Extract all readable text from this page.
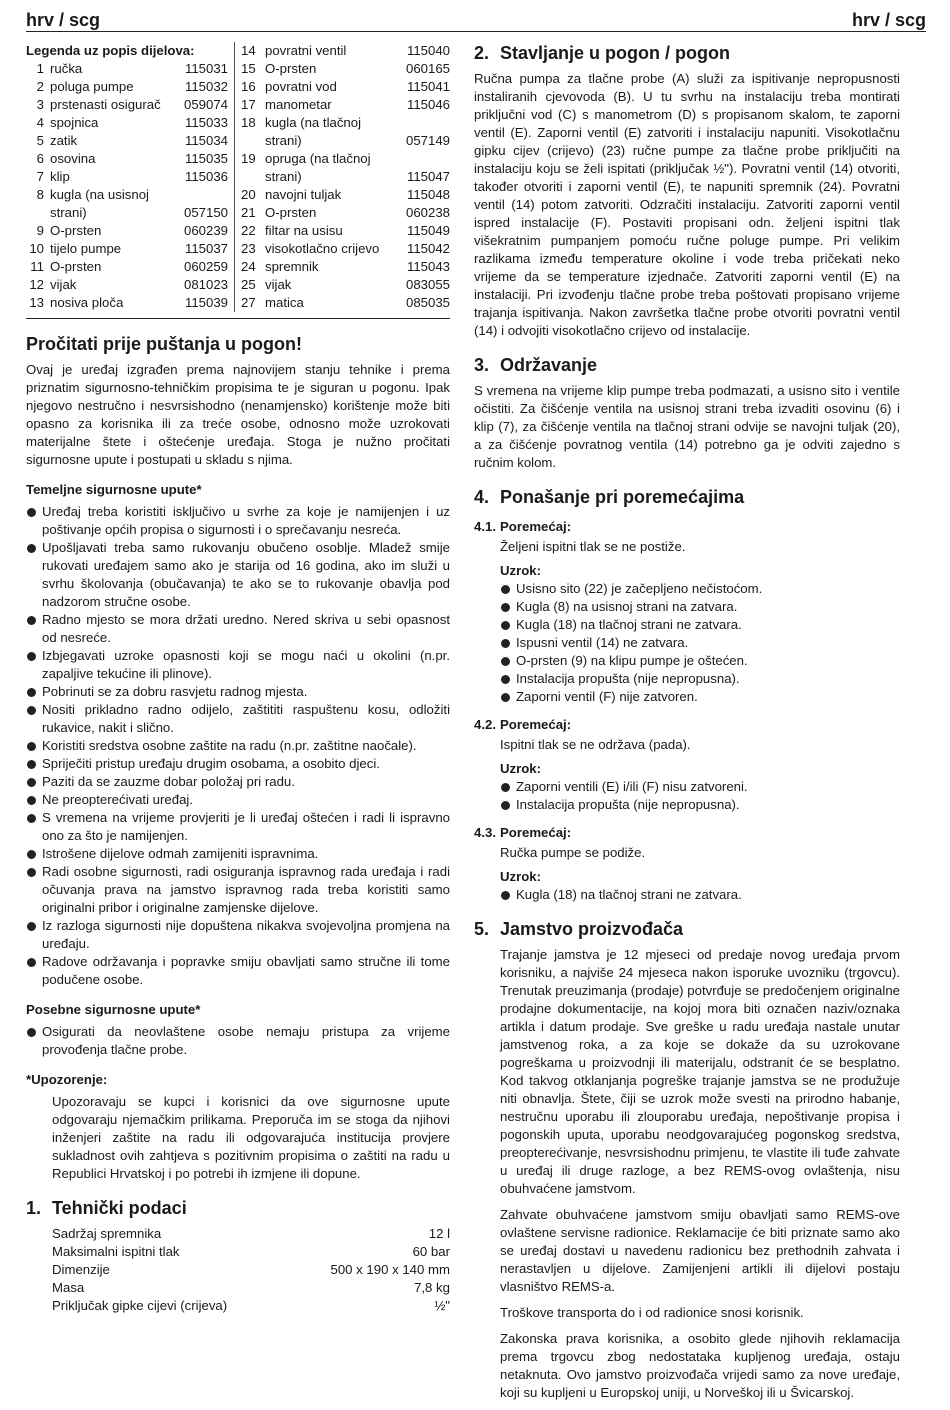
hrv / scg	hrv / scg
Legenda uz popis dijelova:
1 ručka	115031
2 poluga pumpe	115032
3 prstenasti osigurač	059074
4 spojnica	115033
5 zatik	115034
6 osovina	115035
7 klip	115036
8 kugla (na usisnoj
strani)	057150
9 O-prsten	060239
10 tijelo pumpe	115037
11 O-prsten	060259
12 vijak	081023
13 nosiva ploča	115039
14 povratni ventil	115040
15 O-prsten	060165
16 povratni vod	115041
17 manometar	115046
18 kugla (na tlačnoj
strani)	057149
19 opruga (na tlačnoj
strani)	115047
20 navojni tuljak	115048
21 O-prsten	060238
22 filtar na usisu	115049
23 visokotlačno crijevo	115042
24 spremnik	115043
25 vijak	083055
27 matica	085035
Pročitati prije puštanja u pogon!

Ovaj je uređaj izgrađen prema najnovijem stanju tehnike i prema priznatim sigurnosno-tehničkim propisima te je siguran u pogonu. Ipak njegovo nestručno i nesvrsishodno (nenamjensko) korištenje može biti opasno za korisnika ili za treće osobe, odnosno može uzrokovati materijalne štete i oštećenje uređaja. Stoga je nužno pročitati sigurnosne upute i postupati u skladu s njima.

Temeljne sigurnosne upute*
Uređaj treba koristiti isključivo u svrhe za koje je namijenjen i uz poštivanje općih propisa o sigurnosti i o sprečavanju nesreća.
Upošljavati treba samo rukovanju obučeno osoblje. Mladež smije rukovati uređajem samo ako je starija od 16 godina, ako im služi u svrhu školovanja (obučavanja) te ako se to rukovanje obavlja pod nadzorom stručne osobe.
Radno mjesto se mora držati uredno. Nered skriva u sebi opasnost od nesreće.
Izbjegavati uzroke opasnosti koji se mogu naći u okolini (n.pr. zapaljive tekućine ili plinove).
Pobrinuti se za dobru rasvjetu radnog mjesta.
Nositi prikladno radno odijelo, zaštititi raspuštenu kosu, odložiti rukavice, nakit i slično.
Koristiti sredstva osobne zaštite na radu (n.pr. zaštitne naočale).
Spriječiti pristup uređaju drugim osobama, a osobito djeci.
Paziti da se zauzme dobar položaj pri radu.
Ne preopterećivati uređaj.
S vremena na vrijeme provjeriti je li uređaj oštećen i radi li ispravno ono za što je namijenjen.
Istrošene dijelove odmah zamijeniti ispravnima.
Radi osobne sigurnosti, radi osiguranja ispravnog rada uređaja i radi očuvanja prava na jamstvo ispravnog rada treba koristiti samo originalni pribor i originalne zamjenske dijelove.
Iz razloga sigurnosti nije dopuštena nikakva svojevoljna promjena na uređaju.
Radove održavanja i popravke smiju obavljati samo stručne ili tome podučene osobe.
Posebne sigurnosne upute*
Osigurati da neovlaštene osobe nemaju pristupa za vrijeme provođenja tlačne probe.
*Upozorenje:

Upozoravaju se kupci i korisnici da ove sigurnosne upute odgovaraju njemačkim prilikama. Preporuča im se stoga da njihovi inženjeri zaštite na radu ili odgovarajuća institucija provjere sukladnost ovih zahtjeva s pozitivnim propisima o zaštiti na radu u Republici Hrvatskoj i po potrebi ih izmjene ili dopune.

1. Tehnički podaci
Sadržaj spremnika	12 l
Maksimalni ispitni tlak	60 bar
Dimenzije	500 x 190 x 140 mm
Masa	7,8 kg
Priključak gipke cijevi (crijeva)	½"
2. Stavljanje u pogon / pogon

Ručna pumpa za tlačne probe (A) služi za ispitivanje nepropusnosti instaliranih cjevovoda (B). U tu svrhu na instalaciju treba montirati priključni vod (C) s manometrom (D) s propisanom skalom, te zaporni ventil (E). Zaporni ventil (E) zatvoriti i instalaciju napuniti. Visokotlačnu gipku cijev (crijevo) (23) ručne pumpe za tlačne probe priključiti na instalaciju koju se želi ispitati (priključak ½"). Povratni ventil (14) otvoriti, također otvoriti i zaporni ventil (E), te napuniti spremnik (24). Povratni ventil (14) potom zatvoriti. Odzračiti instalaciju. Zatvoriti zaporni ventil ispred instalacije (F). Postaviti propisani odn. željeni ispitni tlak višekratnim pumpanjem pomoću ručne poluge pumpe. Pri velikim razlikama između temperature okoline i vode treba pričekati neko vrijeme da se temperature izjednače. Zatvoriti zaporni ventil (E) na instalaciji. Pri izvođenju tlačne probe treba poštovati propisano vrijeme trajanja ispitivanja. Nakon završetka tlačne probe otvoriti povratni ventil (14) i odvojiti visokotlačno crijevo od instalacije.

3. Održavanje

S vremena na vrijeme klip pumpe treba podmazati, a usisno sito i ventile očistiti. Za čišćenje ventila na usisnoj strani treba izvaditi osovinu (6) i klip (7), za čišćenje ventila na tlačnoj strani odvije se navojni tuljak (20), a za čišćenje povratnog ventila (14) potrebno ga je odviti zajedno s ručnim kolom.

4. Ponašanje pri poremećajima
4.1. Poremećaj:
Željeni ispitni tlak se ne postiže.
Uzrok:
Usisno sito (22) je začepljeno nečistoćom.
Kugla (8) na usisnoj strani na zatvara.
Kugla (18) na tlačnoj strani ne zatvara.
Ispusni ventil (14) ne zatvara.
O-prsten (9) na klipu pumpe je oštećen.
Instalacija propušta (nije nepropusna).
Zaporni ventil (F) nije zatvoren.
4.2. Poremećaj:
Ispitni tlak se ne održava (pada).
Uzrok:
Zaporni ventili (E) i/ili (F) nisu zatvoreni.
Instalacija propušta (nije nepropusna).
4.3. Poremećaj:
Ručka pumpe se podiže.
Uzrok:
Kugla (18) na tlačnoj strani ne zatvara.
5. Jamstvo proizvođača

Trajanje jamstva je 12 mjeseci od predaje novog uređaja prvom korisniku, a najviše 24 mjeseca nakon isporuke uvozniku (trgovcu). Trenutak preuzimanja (prodaje) potvrđuje se predočenjem originalne prodajne dokumentacije, na kojoj mora biti označen naziv/oznaka artikla i datum prodaje. Sve greške u radu uređaja nastale unutar jamstvenog roka, a za koje se dokaže da su uzrokovane pogreškama u proizvodnji ili materijalu, odstranit će se besplatno. Kod takvog otklanjanja pogreške trajanje jamstva se ne produžuje niti obnavlja. Štete, čiji se uzrok može svesti na prirodno habanje, nestručnu uporabu ili zlouporabu uređaja, nepoštivanje propisa i pogonskih uputa, uporabu neodgovarajućeg pogonskog sredstva, preopterećivanje, nesvrsishodnu primjenu, te vlastite ili tuđe zahvate u uređaj ili druge razloge, a bez REMS-ovog ovlaštenja, nisu obuhvaćene jamstvom.

Zahvate obuhvaćene jamstvom smiju obavljati samo REMS-ove ovlaštene servisne radionice. Reklamacije će biti priznate samo ako se uređaj dostavi u navedenu radionicu bez prethodnih zahvata i nerastavljen u dijelove. Zamijenjeni artikli ili dijelovi postaju vlasništvo REMS-a.

Troškove transporta do i od radionice snosi korisnik.

Zakonska prava korisnika, a osobito glede njihovih reklamacija prema trgovcu zbog nedostataka kupljenog uređaja, ostaju netaknuta. Ovo jamstvo proizvođača vrijedi samo za nove uređaje, koji su kupljeni u Europskoj uniji, u Norveškoj ili u Švicarskoj.
